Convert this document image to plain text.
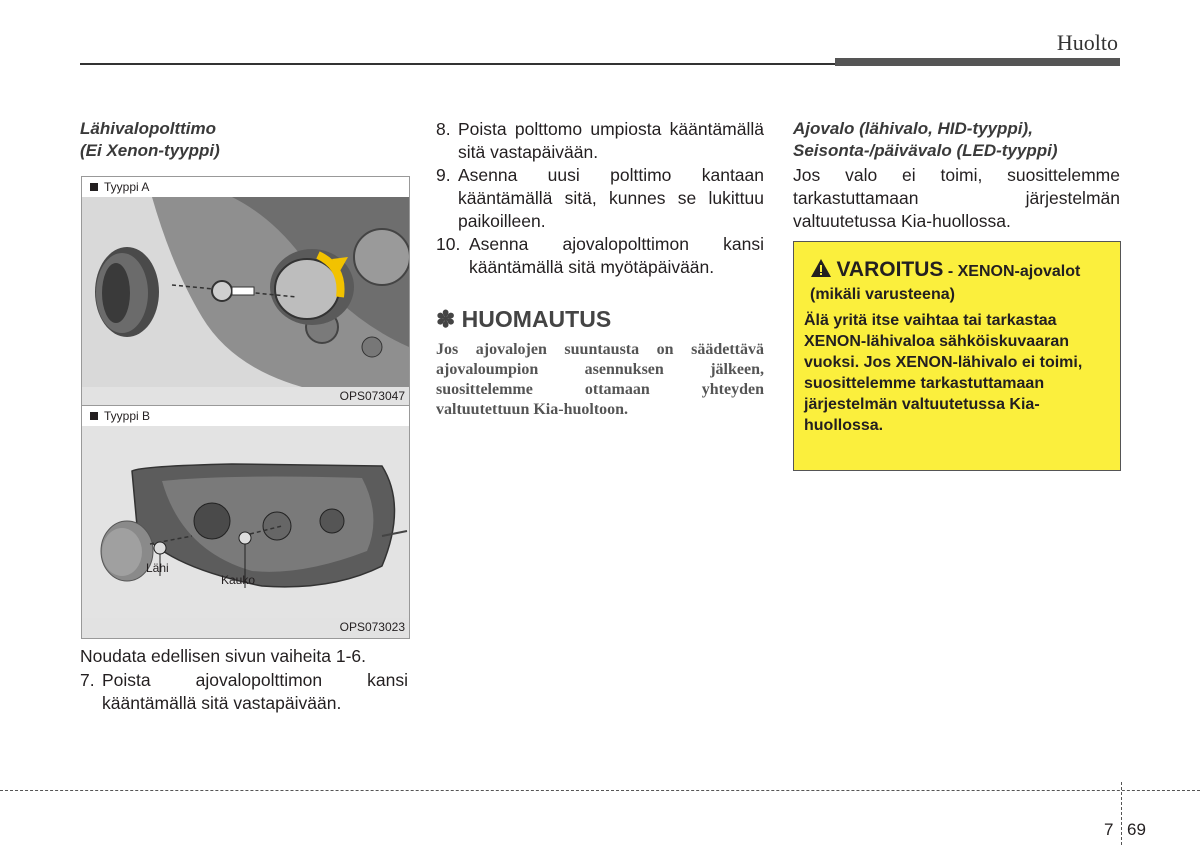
Huolto
Lähivalopolttimo
(Ei Xenon-tyyppi)
Tyyppi A
OPS073047
Tyyppi B
Lähi
Kauko
OPS073023
Noudata edellisen sivun vaiheita 1-6.
7. Poista ajovalopolttimon kansi kääntämällä sitä vastapäivään.
8. Poista polttomo umpiosta kääntämällä sitä vastapäivään.
9. Asenna uusi polttimo kantaan kääntämällä sitä, kunnes se lukittuu paikoilleen.
10. Asenna ajovalopolttimon kansi kääntämällä sitä myötäpäivään.
✽ HUOMAUTUS
Jos ajovalojen suuntausta on säädettävä ajovaloumpion asennuksen jälkeen, suosittelemme ottamaan yhteyden valtuutettuun Kia-huoltoon.
Ajovalo (lähivalo, HID-tyyppi),
Seisonta-/päivävalo (LED-tyyppi)
Jos valo ei toimi, suosittelemme tarkastuttamaan järjestelmän valtuutetussa Kia-huollossa.
VAROITUS - XENON-ajovalot (mikäli varusteena)
Älä yritä itse vaihtaa tai tarkastaa XENON-lähivaloa sähköiskuvaaran vuoksi. Jos XENON-lähivalo ei toimi, suosittelemme tarkastuttamaan järjestelmän valtuutetussa Kia-huollossa.
7 69
